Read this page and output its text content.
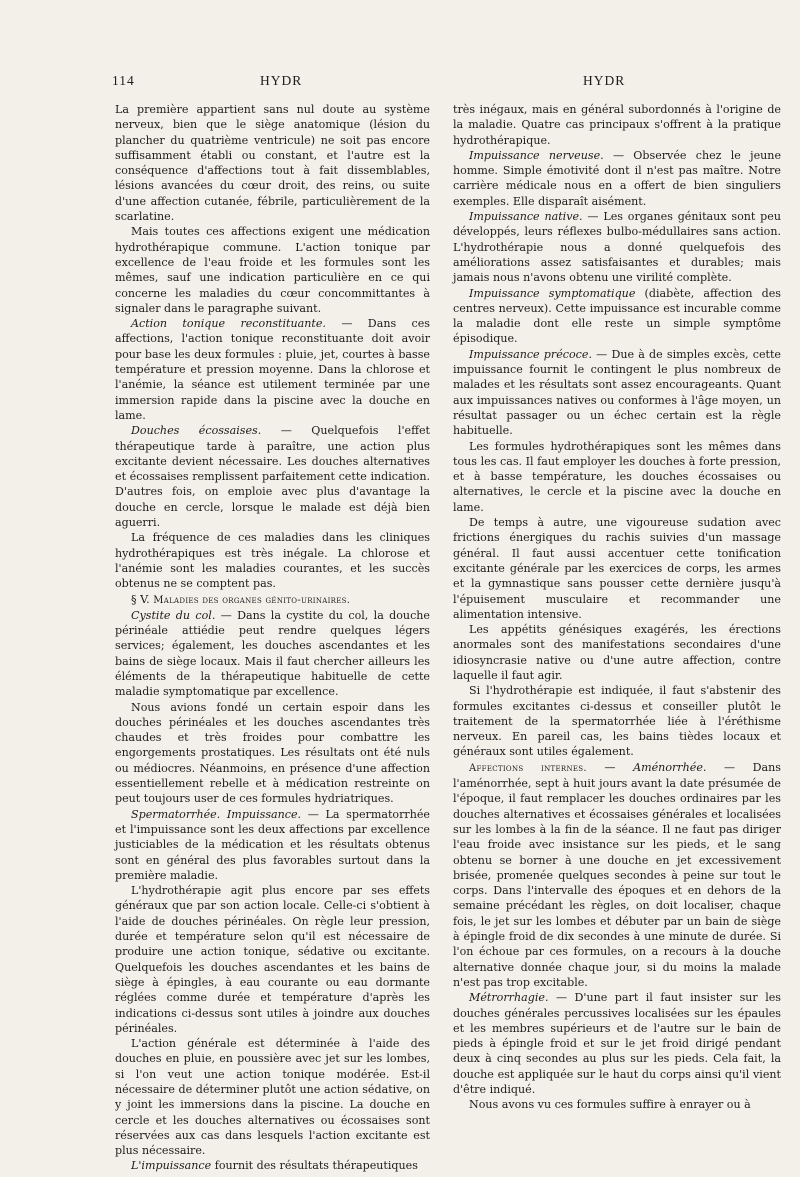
114	HYDR	HYDR

La première appartient sans nul doute au système nerveux, bien que le siège anatomique (lésion du plancher du quatrième ventricule) ne soit pas encore suffisamment établi ou constant, et l'autre est la conséquence d'affections tout à fait dissemblables, lésions avancées du cœur droit, des reins, ou suite d'une affection cutanée, fébrile, particulièrement de la scarlatine.

Mais toutes ces affections exigent une médication hydrothérapique commune. L'action tonique par excellence de l'eau froide et les formules sont les mêmes, sauf une indication particulière en ce qui concerne les maladies du cœur concommittantes à signaler dans le paragraphe suivant.

Action tonique reconstituante. — Dans ces affections, l'action tonique reconstituante doit avoir pour base les deux formules : pluie, jet, courtes à basse température et pression moyenne. Dans la chlorose et l'anémie, la séance est utilement terminée par une immersion rapide dans la piscine avec la douche en lame.

Douches écossaises. — Quelquefois l'effet thérapeutique tarde à paraître, une action plus excitante devient nécessaire. Les douches alternatives et écossaises remplissent parfaitement cette indication. D'autres fois, on emploie avec plus d'avantage la douche en cercle, lorsque le malade est déjà bien aguerri.

La fréquence de ces maladies dans les cliniques hydrothérapiques est très inégale. La chlorose et l'anémie sont les maladies courantes, et les succès obtenus ne se comptent pas.

§ V. Maladies des organes génito-urinaires.

Cystite du col. — Dans la cystite du col, la douche périnéale attiédie peut rendre quelques légers services; également, les douches ascendantes et les bains de siège locaux. Mais il faut chercher ailleurs les éléments de la thérapeutique habituelle de cette maladie symptomatique par excellence.

Nous avions fondé un certain espoir dans les douches périnéales et les douches ascendantes très chaudes et très froides pour combattre les engorgements prostatiques. Les résultats ont été nuls ou médiocres. Néanmoins, en présence d'une affection essentiellement rebelle et à médication restreinte on peut toujours user de ces formules hydriatriques.

Spermatorrhée. Impuissance. — La spermatorrhée et l'impuissance sont les deux affections par excellence justiciables de la médication et les résultats obtenus sont en général des plus favorables surtout dans la première maladie.

L'hydrothérapie agit plus encore par ses effets généraux que par son action locale. Celle-ci s'obtient à l'aide de douches périnéales. On règle leur pression, durée et température selon qu'il est nécessaire de produire une action tonique, sédative ou excitante. Quelquefois les douches ascendantes et les bains de siège à épingles, à eau courante ou eau dormante réglées comme durée et température d'après les indications ci-dessus sont utiles à joindre aux douches périnéales.

L'action générale est déterminée à l'aide des douches en pluie, en poussière avec jet sur les lombes, si l'on veut une action tonique modérée. Est-il nécessaire de déterminer plutôt une action sédative, on y joint les immersions dans la piscine. La douche en cercle et les douches alternatives ou écossaises sont réservées aux cas dans lesquels l'action excitante est plus nécessaire.

L'impuissance fournit des résultats thérapeutiques

très inégaux, mais en général subordonnés à l'origine de la maladie. Quatre cas principaux s'offrent à la pratique hydrothérapique.

Impuissance nerveuse. — Observée chez le jeune homme. Simple émotivité dont il n'est pas maître. Notre carrière médicale nous en a offert de bien singuliers exemples. Elle disparaît aisément.

Impuissance native. — Les organes génitaux sont peu développés, leurs réflexes bulbo-médullaires sans action. L'hydrothérapie nous a donné quelquefois des améliorations assez satisfaisantes et durables; mais jamais nous n'avons obtenu une virilité complète.

Impuissance symptomatique (diabète, affection des centres nerveux). Cette impuissance est incurable comme la maladie dont elle reste un simple symptôme épisodique.

Impuissance précoce. — Due à de simples excès, cette impuissance fournit le contingent le plus nombreux de malades et les résultats sont assez encourageants. Quant aux impuissances natives ou conformes à l'âge moyen, un résultat passager ou un échec certain est la règle habituelle.

Les formules hydrothérapiques sont les mêmes dans tous les cas. Il faut employer les douches à forte pression, et à basse température, les douches écossaises ou alternatives, le cercle et la piscine avec la douche en lame.

De temps à autre, une vigoureuse sudation avec frictions énergiques du rachis suivies d'un massage général. Il faut aussi accentuer cette tonification excitante générale par les exercices de corps, les armes et la gymnastique sans pousser cette dernière jusqu'à l'épuisement musculaire et recommander une alimentation intensive.

Les appétits génésiques exagérés, les érections anormales sont des manifestations secondaires d'une idiosyncrasie native ou d'une autre affection, contre laquelle il faut agir.

Si l'hydrothérapie est indiquée, il faut s'abstenir des formules excitantes ci-dessus et conseiller plutôt le traitement de la spermatorrhée liée à l'éréthisme nerveux. En pareil cas, les bains tièdes locaux et généraux sont utiles également.

Affections internes. — Aménorrhée. — Dans l'aménorrhée, sept à huit jours avant la date présumée de l'époque, il faut remplacer les douches ordinaires par les douches alternatives et écossaises générales et localisées sur les lombes à la fin de la séance. Il ne faut pas diriger l'eau froide avec insistance sur les pieds, et le sang obtenu se borner à une douche en jet excessivement brisée, promenée quelques secondes à peine sur tout le corps. Dans l'intervalle des époques et en dehors de la semaine précédant les règles, on doit localiser, chaque fois, le jet sur les lombes et débuter par un bain de siège à épingle froid de dix secondes à une minute de durée. Si l'on échoue par ces formules, on a recours à la douche alternative donnée chaque jour, si du moins la malade n'est pas trop excitable.

Métrorrhagie. — D'une part il faut insister sur les douches générales percussives localisées sur les épaules et les membres supérieurs et de l'autre sur le bain de pieds à épingle froid et sur le jet froid dirigé pendant deux à cinq secondes au plus sur les pieds. Cela fait, la douche est appliquée sur le haut du corps ainsi qu'il vient d'être indiqué.

Nous avons vu ces formules suffire à enrayer ou à
